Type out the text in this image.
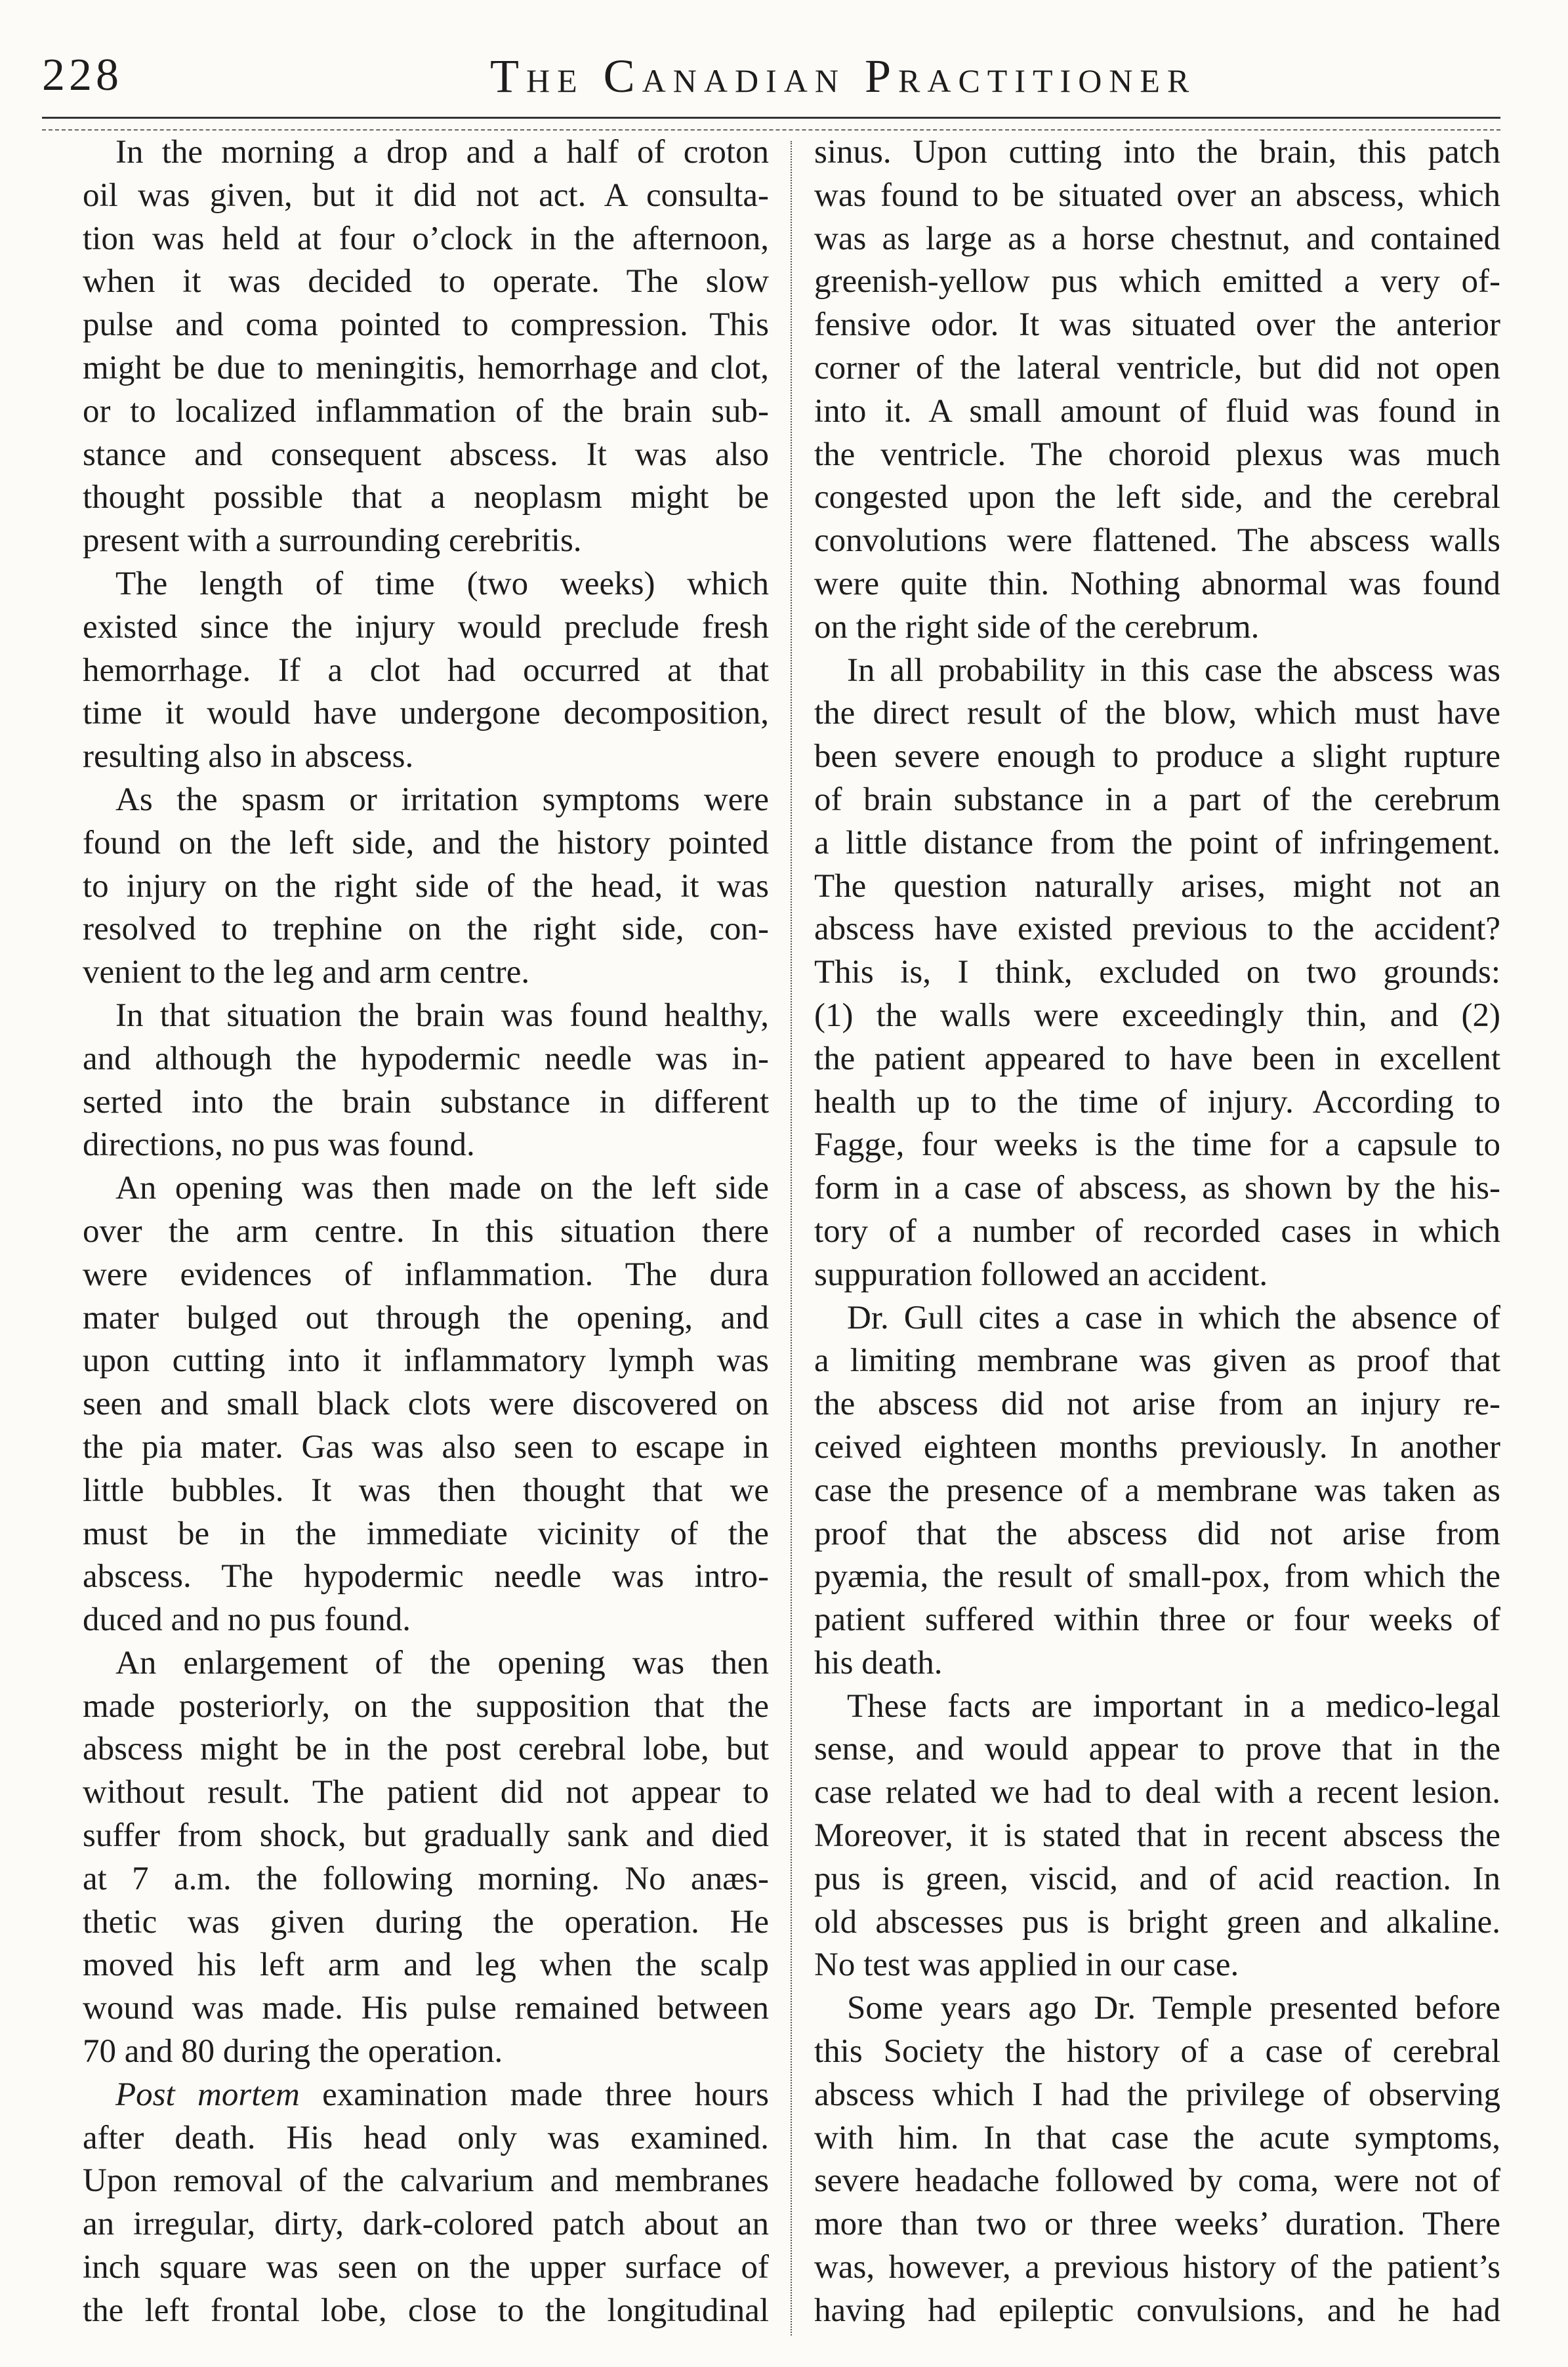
228	The Canadian Practitioner
In the morning a drop and a half of croton
oil was given, but it did not act. A consulta-
tion was held at four o’clock in the afternoon,
when it was decided to operate. The slow
pulse and coma pointed to compression. This
might be due to meningitis, hemorrhage and clot,
or to localized inflammation of the brain sub-
stance and consequent abscess. It was also
thought possible that a neoplasm might be
present with a surrounding cerebritis.
The length of time (two weeks) which
existed since the injury would preclude fresh
hemorrhage. If a clot had occurred at that
time it would have undergone decomposition,
resulting also in abscess.
As the spasm or irritation symptoms were
found on the left side, and the history pointed
to injury on the right side of the head, it was
resolved to trephine on the right side, con-
venient to the leg and arm centre.
In that situation the brain was found healthy,
and although the hypodermic needle was in-
serted into the brain substance in different
directions, no pus was found.
An opening was then made on the left side
over the arm centre. In this situation there
were evidences of inflammation. The dura
mater bulged out through the opening, and
upon cutting into it inflammatory lymph was
seen and small black clots were discovered on
the pia mater. Gas was also seen to escape in
little bubbles. It was then thought that we
must be in the immediate vicinity of the
abscess. The hypodermic needle was intro-
duced and no pus found.
An enlargement of the opening was then
made posteriorly, on the supposition that the
abscess might be in the post cerebral lobe, but
without result. The patient did not appear to
suffer from shock, but gradually sank and died
at 7 a.m. the following morning. No anæs-
thetic was given during the operation. He
moved his left arm and leg when the scalp
wound was made. His pulse remained between
70 and 80 during the operation.
Post mortem examination made three hours
after death. His head only was examined.
Upon removal of the calvarium and membranes
an irregular, dirty, dark-colored patch about an
inch square was seen on the upper surface of
the left frontal lobe, close to the longitudinal
sinus. Upon cutting into the brain, this patch
was found to be situated over an abscess, which
was as large as a horse chestnut, and contained
greenish-yellow pus which emitted a very of-
fensive odor. It was situated over the anterior
corner of the lateral ventricle, but did not open
into it. A small amount of fluid was found in
the ventricle. The choroid plexus was much
congested upon the left side, and the cerebral
convolutions were flattened. The abscess walls
were quite thin. Nothing abnormal was found
on the right side of the cerebrum.
In all probability in this case the abscess was
the direct result of the blow, which must have
been severe enough to produce a slight rupture
of brain substance in a part of the cerebrum
a little distance from the point of infringement.
The question naturally arises, might not an
abscess have existed previous to the accident?
This is, I think, excluded on two grounds:
(1) the walls were exceedingly thin, and (2)
the patient appeared to have been in excellent
health up to the time of injury. According to
Fagge, four weeks is the time for a capsule to
form in a case of abscess, as shown by the his-
tory of a number of recorded cases in which
suppuration followed an accident.
Dr. Gull cites a case in which the absence of
a limiting membrane was given as proof that
the abscess did not arise from an injury re-
ceived eighteen months previously. In another
case the presence of a membrane was taken as
proof that the abscess did not arise from
pyæmia, the result of small-pox, from which the
patient suffered within three or four weeks of
his death.
These facts are important in a medico-legal
sense, and would appear to prove that in the
case related we had to deal with a recent lesion.
Moreover, it is stated that in recent abscess the
pus is green, viscid, and of acid reaction. In
old abscesses pus is bright green and alkaline.
No test was applied in our case.
Some years ago Dr. Temple presented before
this Society the history of a case of cerebral
abscess which I had the privilege of observing
with him. In that case the acute symptoms,
severe headache followed by coma, were not of
more than two or three weeks’ duration. There
was, however, a previous history of the patient’s
having had epileptic convulsions, and he had
